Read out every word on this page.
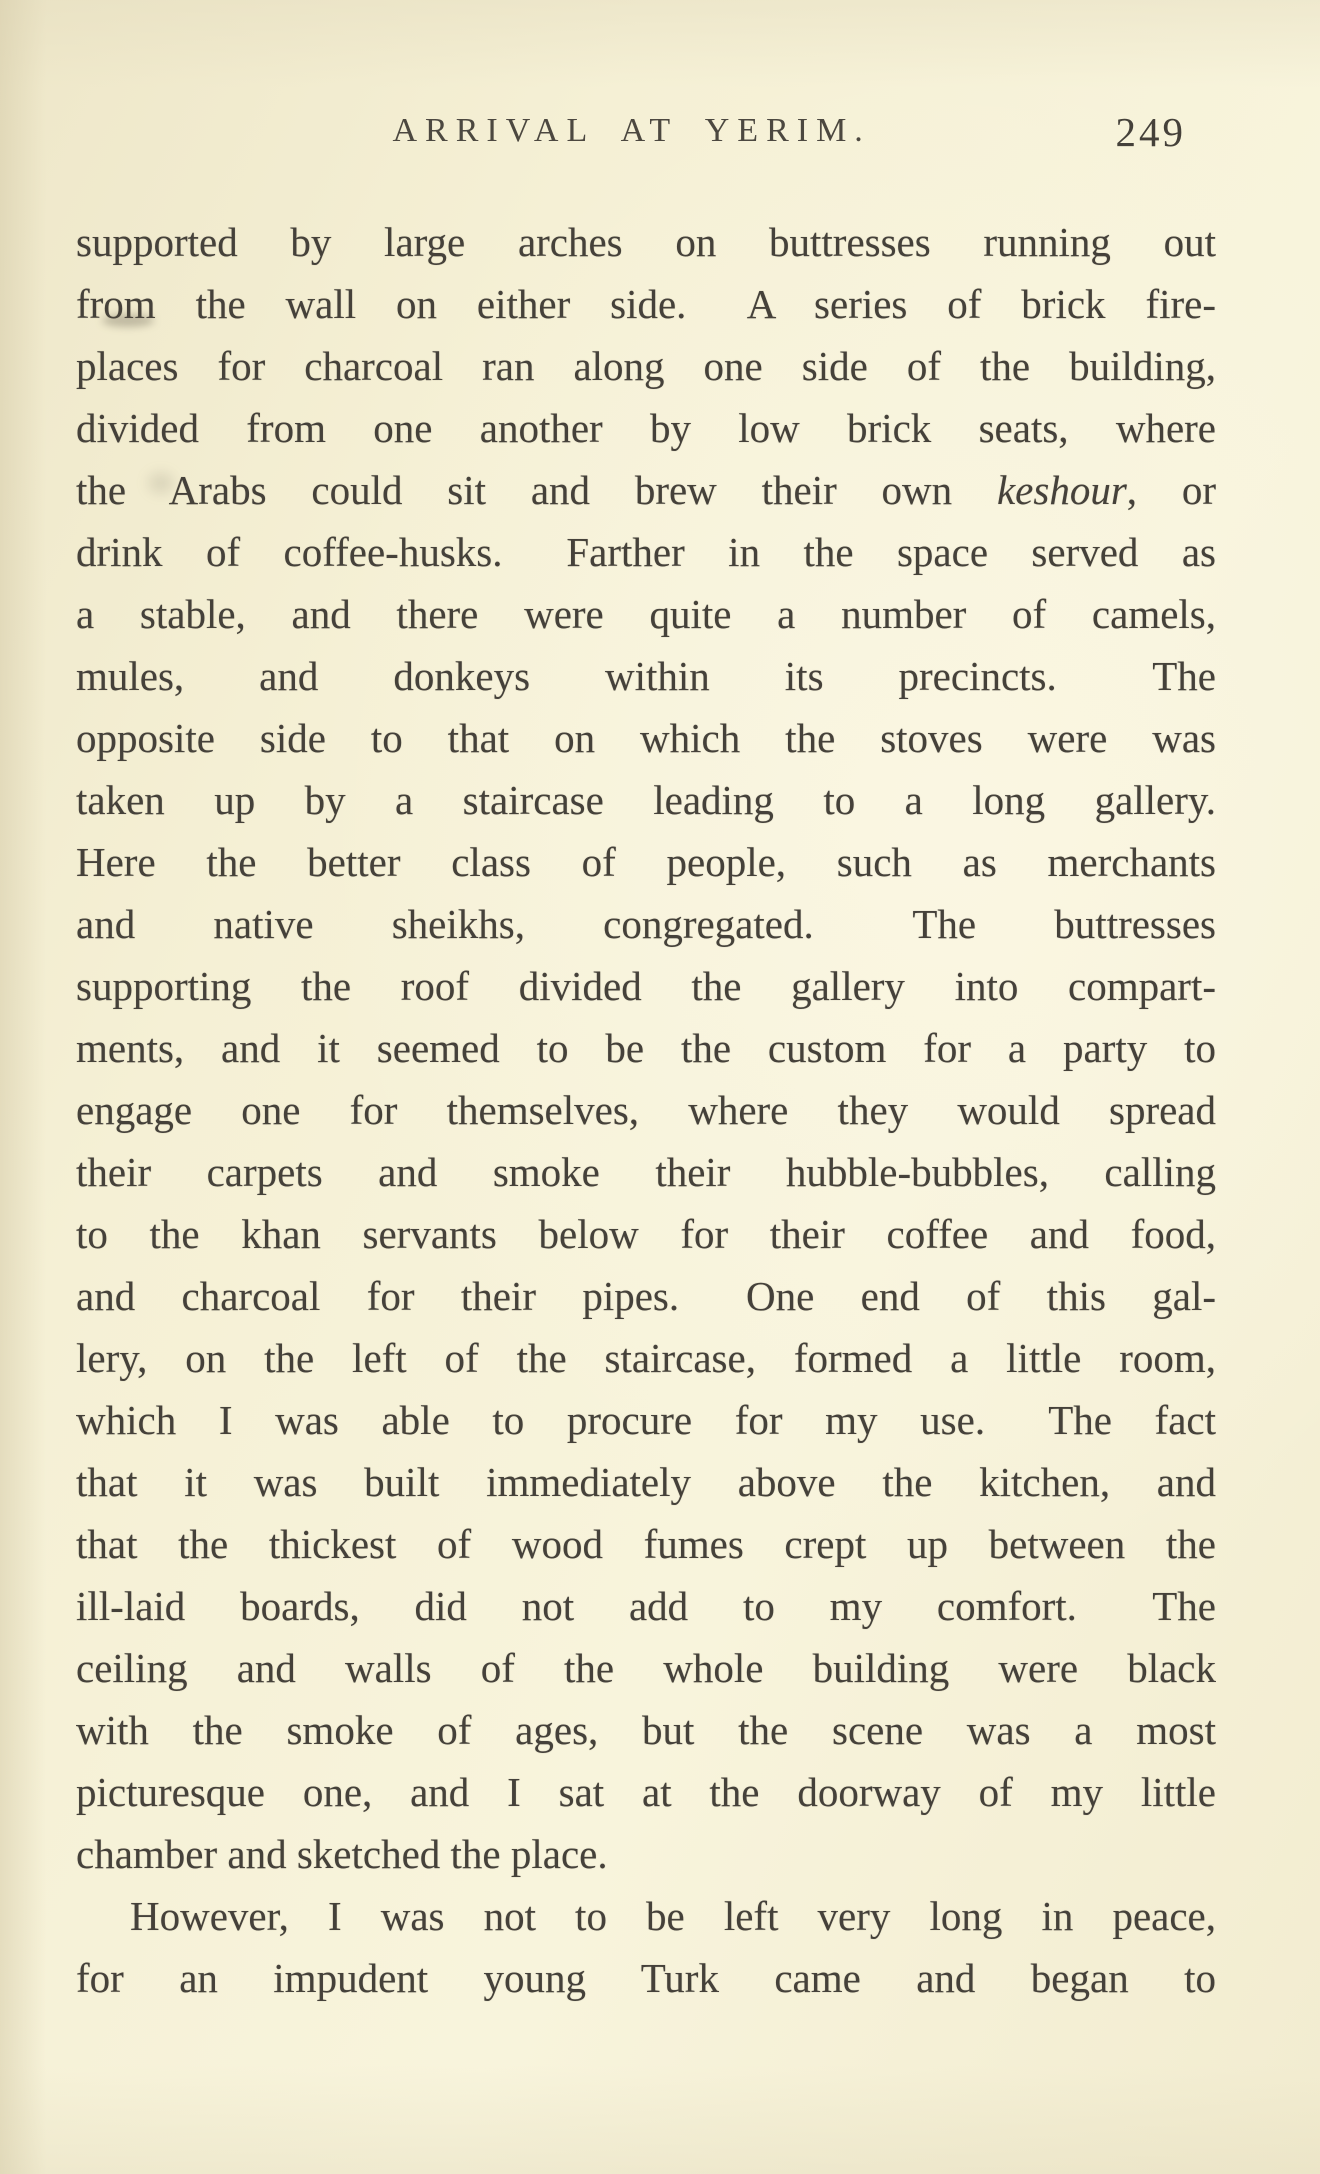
ARRIVAL AT YERIM.	249
supported by large arches on buttresses running out
from the wall on either side.  A series of brick fire-
places for charcoal ran along one side of the building,
divided from one another by low brick seats, where
the Arabs could sit and brew their own keshour, or
drink of coffee-husks.  Farther in the space served as
a stable, and there were quite a number of camels,
mules, and donkeys within its precincts.  The
opposite side to that on which the stoves were was
taken up by a staircase leading to a long gallery.
Here the better class of people, such as merchants
and native sheikhs, congregated.  The buttresses
supporting the roof divided the gallery into compart-
ments, and it seemed to be the custom for a party to
engage one for themselves, where they would spread
their carpets and smoke their hubble-bubbles, calling
to the khan servants below for their coffee and food,
and charcoal for their pipes.  One end of this gal-
lery, on the left of the staircase, formed a little room,
which I was able to procure for my use.  The fact
that it was built immediately above the kitchen, and
that the thickest of wood fumes crept up between the
ill-laid boards, did not add to my comfort.  The
ceiling and walls of the whole building were black
with the smoke of ages, but the scene was a most
picturesque one, and I sat at the doorway of my little
chamber and sketched the place.
However, I was not to be left very long in peace,
for an impudent young Turk came and began to
